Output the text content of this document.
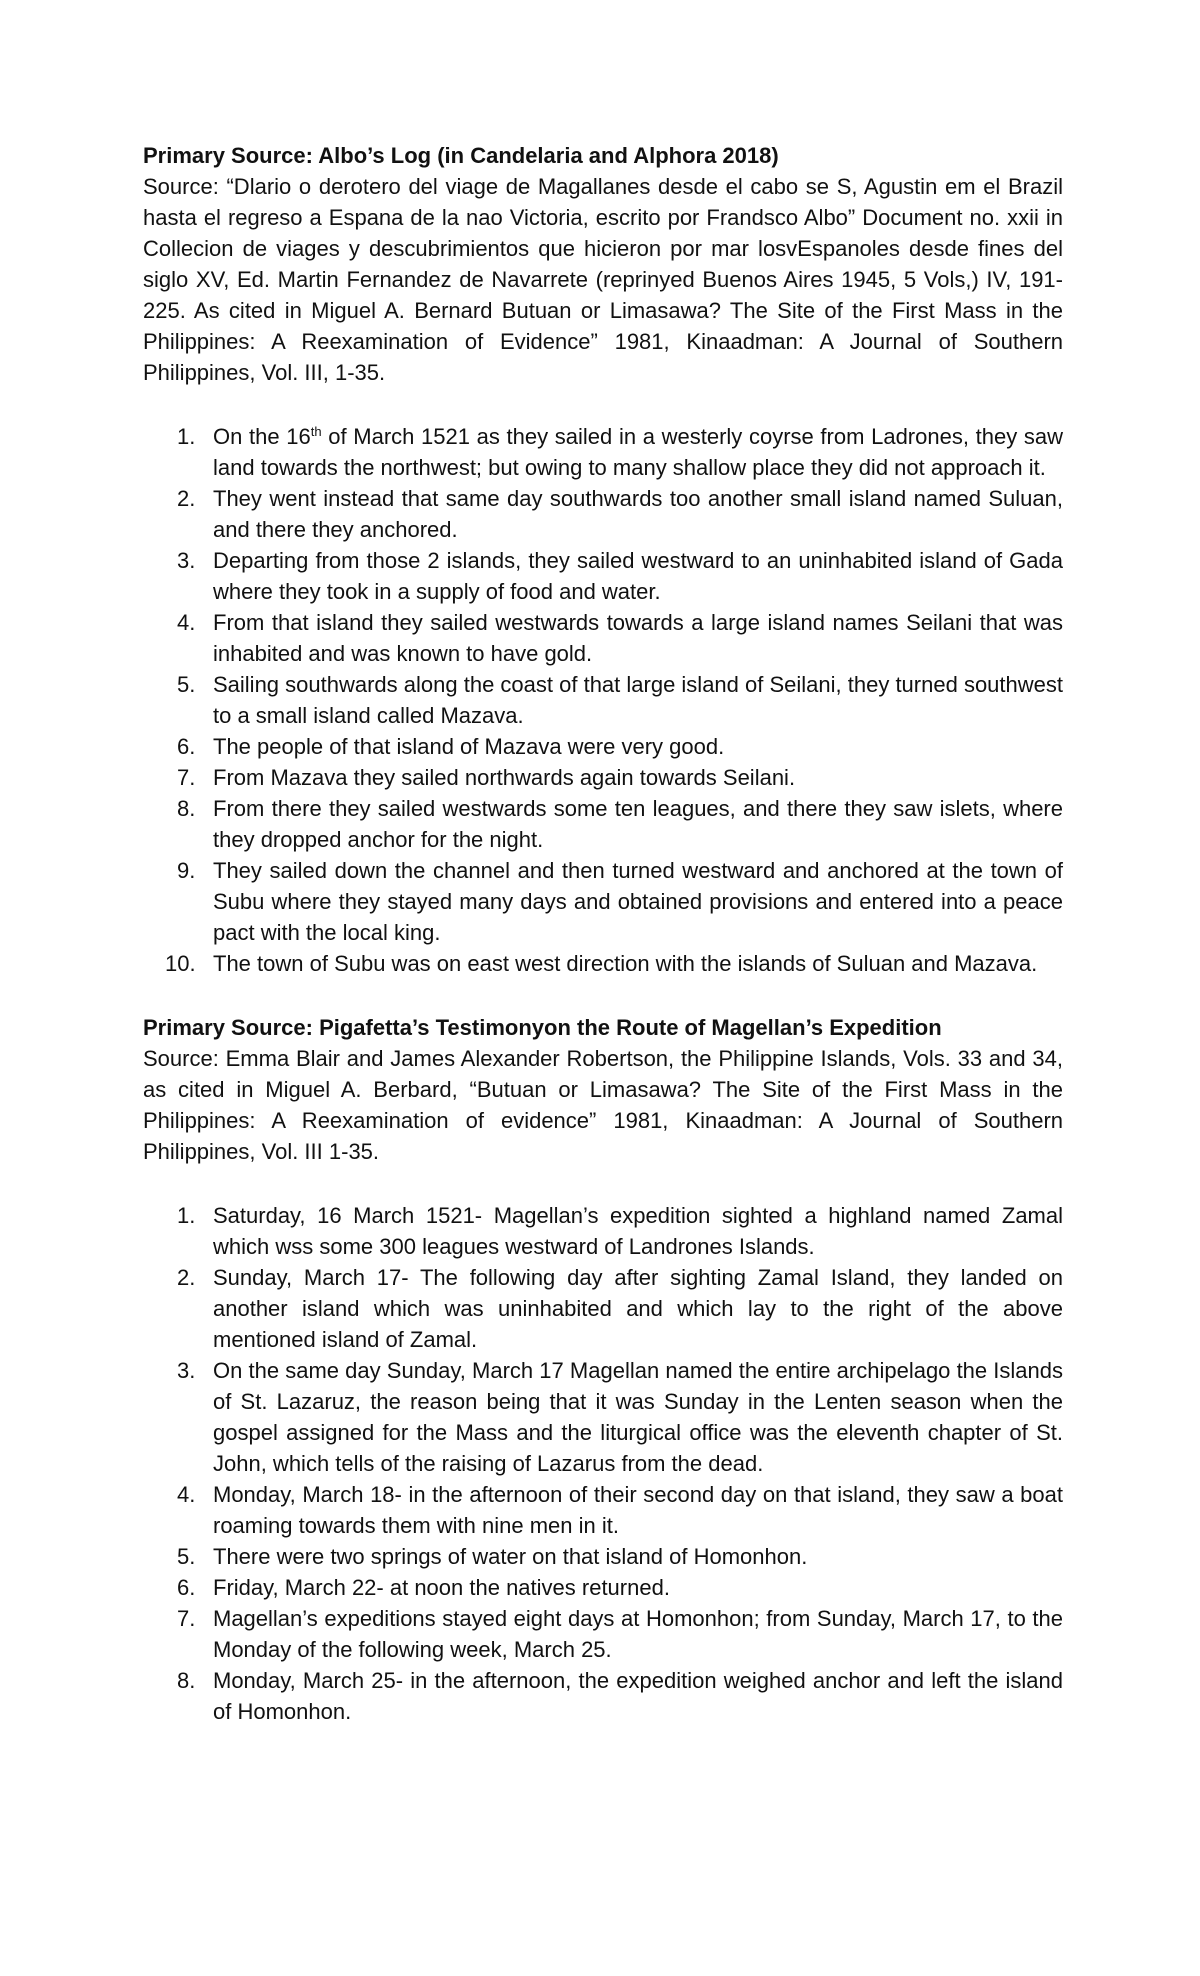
Primary Source: Albo’s Log (in Candelaria and Alphora 2018)

Source: “Dlario o derotero del viage de Magallanes desde el cabo se S, Agustin em el Brazil hasta el regreso a Espana de la nao Victoria, escrito por Frandsco Albo” Document no. xxii in Collecion de viages y descubrimientos que hicieron por mar losvEspanoles desde fines del siglo XV, Ed. Martin Fernandez de Navarrete (reprinyed Buenos Aires 1945, 5 Vols,) IV, 191-225. As cited in Miguel A. Bernard Butuan or Limasawa? The Site of the First Mass in the Philippines: A Reexamination of Evidence” 1981, Kinaadman: A Journal of Southern Philippines, Vol. III, 1-35.

1. On the 16th of March 1521 as they sailed in a westerly coyrse from Ladrones, they saw land towards the northwest; but owing to many shallow place they did not approach it.
2. They went instead that same day southwards too another small island named Suluan, and there they anchored.
3. Departing from those 2 islands, they sailed westward to an uninhabited island of Gada where they took in a supply of food and water.
4. From that island they sailed westwards towards a large island names Seilani that was inhabited and was known to have gold.
5. Sailing southwards along the coast of that large island of Seilani, they turned southwest to a small island called Mazava.
6. The people of that island of Mazava were very good.
7. From Mazava they sailed northwards again towards Seilani.
8. From there they sailed westwards some ten leagues, and there they saw islets, where they dropped anchor for the night.
9. They sailed down the channel and then turned westward and anchored at the town of Subu where they stayed many days and obtained provisions and entered into a peace pact with the local king.
10. The town of Subu was on east west direction with the islands of Suluan and Mazava.

Primary Source: Pigafetta’s Testimonyon the Route of Magellan’s Expedition

Source: Emma Blair and James Alexander Robertson, the Philippine Islands, Vols. 33 and 34, as cited in Miguel A. Berbard, “Butuan or Limasawa? The Site of the First Mass in the Philippines: A Reexamination of evidence” 1981, Kinaadman: A Journal of Southern Philippines, Vol. III 1-35.

1. Saturday, 16 March 1521- Magellan’s expedition sighted a highland named Zamal which wss some 300 leagues westward of Landrones Islands.
2. Sunday, March 17- The following day after sighting Zamal Island, they landed on another island which was uninhabited and which lay to the right of the above mentioned island of Zamal.
3. On the same day Sunday, March 17 Magellan named the entire archipelago the Islands of St. Lazaruz, the reason being that it was Sunday in the Lenten season when the gospel assigned for the Mass and the liturgical office was the eleventh chapter of St. John, which tells of the raising of Lazarus from the dead.
4. Monday, March 18- in the afternoon of their second day on that island, they saw a boat roaming towards them with nine men in it.
5. There were two springs of water on that island of Homonhon.
6. Friday, March 22- at noon the natives returned.
7. Magellan’s expeditions stayed eight days at Homonhon; from Sunday, March 17, to the Monday of the following week, March 25.
8. Monday, March 25- in the afternoon, the expedition weighed anchor and left the island of Homonhon.
